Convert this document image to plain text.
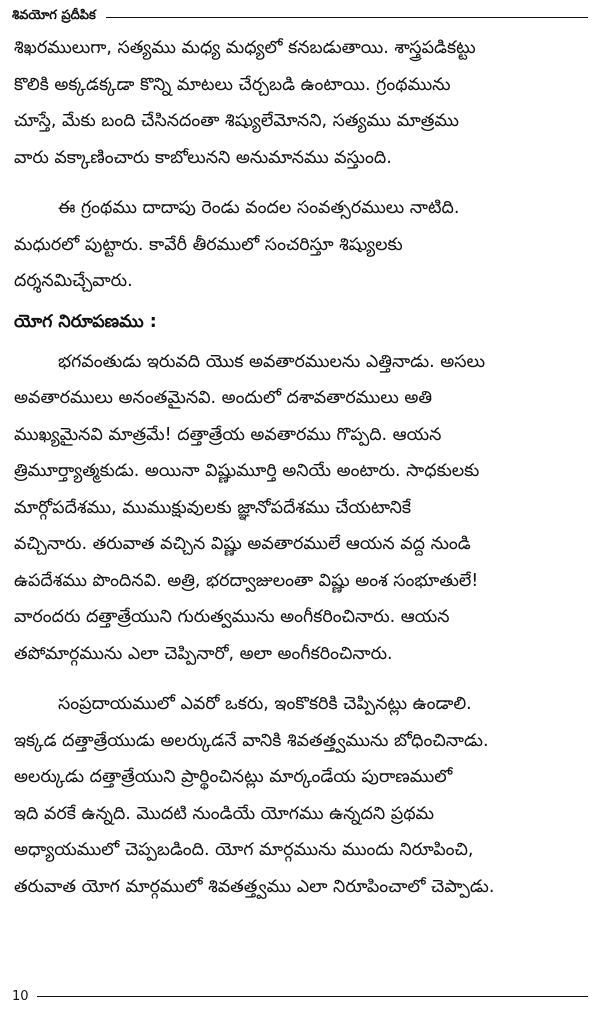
శివయోగ ప్రదీపిక

శిఖరములుగా, సత్యము మధ్య మధ్యలో కనబడుతాయి. శాస్త్రపడికట్టు
కొలికి అక్కడక్కడా కొన్ని మాటలు చేర్చబడి ఉంటాయి. గ్రంథమును
చూస్తే, మేకు బంది చేసినదంతా శిష్యులేమోనని, సత్యము మాత్రము
వారు వక్కాణించారు కాబోలునని అనుమానము వస్తుంది.

ఈ గ్రంథము దాదాపు రెండు వందల సంవత్సరములు నాటిది.
మధురలో పుట్టారు. కావేరీ తీరములో సంచరిస్తూ శిష్యులకు
దర్శనమిచ్చేవారు.

యోగ నిరూపణము :

భగవంతుడు ఇరువది యొక అవతారములను ఎత్తినాడు. అసలు
అవతారములు అనంతమైనవి. అందులో దశావతారములు అతి
ముఖ్యమైనవి మాత్రమే! దత్తాత్రేయ అవతారము గొప్పది. ఆయన
త్రిమూర్త్యాత్మకుడు. అయినా విష్ణుమూర్తి అనియే అంటారు. సాధకులకు
మార్గోపదేశము, ముముక్షువులకు జ్ఞానోపదేశము చేయటానికే
వచ్చినారు. తరువాత వచ్చిన విష్ణు అవతారములే ఆయన వద్ద నుండి
ఉపదేశము పొందినవి. అత్రి, భరద్వాజులంతా విష్ణు అంశ సంభూతులే!
వారందరు దత్తాత్రేయుని గురుత్వమును అంగీకరించినారు. ఆయన
తపోమార్గమును ఎలా చెప్పినారో, అలా అంగీకరించినారు.

సంప్రదాయములో ఎవరో ఒకరు, ఇంకొకరికి చెప్పినట్లు ఉండాలి.
ఇక్కడ దత్తాత్రేయుడు అలర్కుడనే వానికి శివతత్త్వమును బోధించినాడు.
అలర్కుడు దత్తాత్రేయుని ప్రార్థించినట్లు మార్కండేయ పురాణములో
ఇది వరకే ఉన్నది. మొదటి నుండియే యోగము ఉన్నదని ప్రథమ
అధ్యాయములో చెప్పబడింది. యోగ మార్గమును ముందు నిరూపించి,
తరువాత యోగ మార్గములో శివతత్త్వము ఎలా నిరూపించాలో చెప్పాడు.

10
